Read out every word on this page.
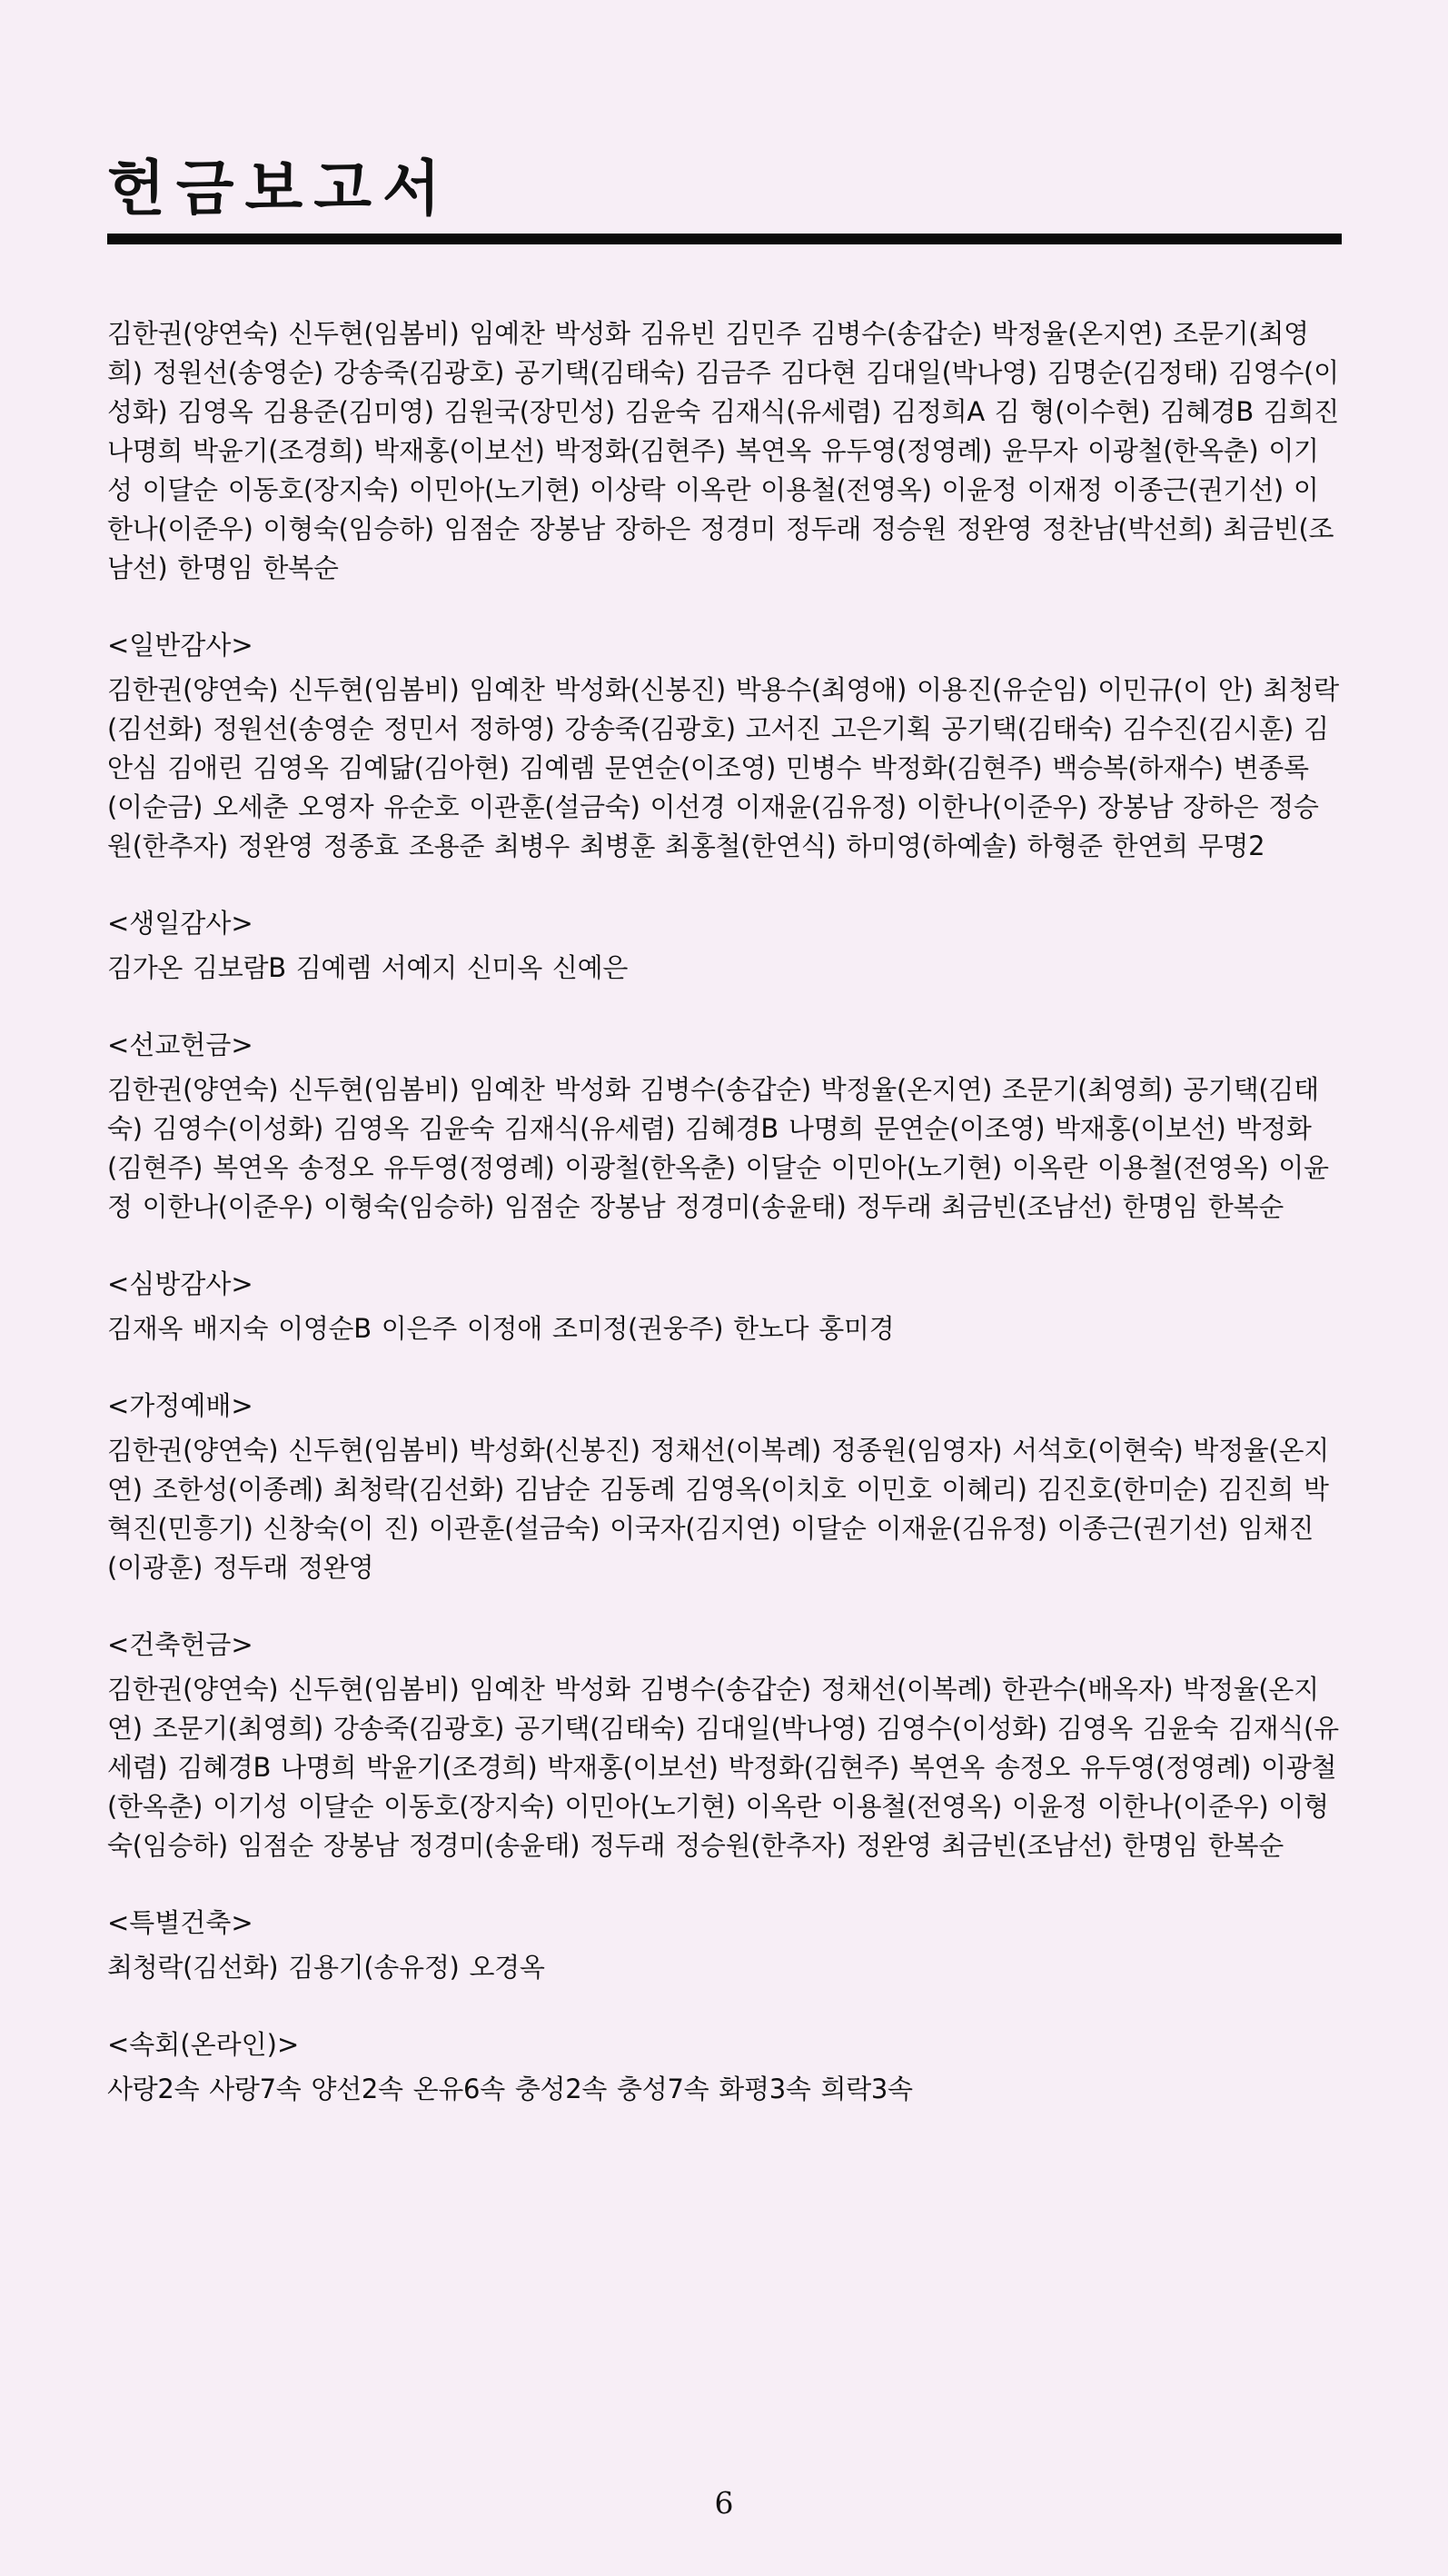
헌금보고서

김한권(양연숙) 신두현(임봄비) 임예찬 박성화 김유빈 김민주 김병수(송갑순) 박정율(온지연) 조문기(최영희) 정원선(송영순) 강송죽(김광호) 공기택(김태숙) 김금주 김다현 김대일(박나영) 김명순(김정태) 김영수(이성화) 김영옥 김용준(김미영) 김원국(장민성) 김윤숙 김재식(유세렴) 김정희A 김 형(이수현) 김혜경B 김희진 나명희 박윤기(조경희) 박재홍(이보선) 박정화(김현주) 복연옥 유두영(정영례) 윤무자 이광철(한옥춘) 이기성 이달순 이동호(장지숙) 이민아(노기현) 이상락 이옥란 이용철(전영옥) 이윤정 이재정 이종근(권기선) 이한나(이준우) 이형숙(임승하) 임점순 장봉남 장하은 정경미 정두래 정승원 정완영 정찬남(박선희) 최금빈(조남선) 한명임 한복순

<일반감사>

김한권(양연숙) 신두현(임봄비) 임예찬 박성화(신봉진) 박용수(최영애) 이용진(유순임) 이민규(이 안) 최청락(김선화) 정원선(송영순 정민서 정하영) 강송죽(김광호) 고서진 고은기획 공기택(김태숙) 김수진(김시훈) 김안심 김애린 김영옥 김예닮(김아현) 김예렘 문연순(이조영) 민병수 박정화(김현주) 백승복(하재수) 변종록(이순금) 오세춘 오영자 유순호 이관훈(설금숙) 이선경 이재윤(김유정) 이한나(이준우) 장봉남 장하은 정승원(한추자) 정완영 정종효 조용준 최병우 최병훈 최홍철(한연식) 하미영(하예솔) 하형준 한연희 무명2

<생일감사>

김가온 김보람B 김예렘 서예지 신미옥 신예은

<선교헌금>

김한권(양연숙) 신두현(임봄비) 임예찬 박성화 김병수(송갑순) 박정율(온지연) 조문기(최영희) 공기택(김태숙) 김영수(이성화) 김영옥 김윤숙 김재식(유세렴) 김혜경B 나명희 문연순(이조영) 박재홍(이보선) 박정화(김현주) 복연옥 송정오 유두영(정영례) 이광철(한옥춘) 이달순 이민아(노기현) 이옥란 이용철(전영옥) 이윤정 이한나(이준우) 이형숙(임승하) 임점순 장봉남 정경미(송윤태) 정두래 최금빈(조남선) 한명임 한복순

<심방감사>

김재옥 배지숙 이영순B 이은주 이정애 조미정(권웅주) 한노다 홍미경

<가정예배>

김한권(양연숙) 신두현(임봄비) 박성화(신봉진) 정채선(이복례) 정종원(임영자) 서석호(이현숙) 박정율(온지연) 조한성(이종례) 최청락(김선화) 김남순 김동례 김영옥(이치호 이민호 이혜리) 김진호(한미순) 김진희 박혁진(민흥기) 신창숙(이 진) 이관훈(설금숙) 이국자(김지연) 이달순 이재윤(김유정) 이종근(권기선) 임채진(이광훈) 정두래 정완영

<건축헌금>

김한권(양연숙) 신두현(임봄비) 임예찬 박성화 김병수(송갑순) 정채선(이복례) 한관수(배옥자) 박정율(온지연) 조문기(최영희) 강송죽(김광호) 공기택(김태숙) 김대일(박나영) 김영수(이성화) 김영옥 김윤숙 김재식(유세렴) 김혜경B 나명희 박윤기(조경희) 박재홍(이보선) 박정화(김현주) 복연옥 송정오 유두영(정영례) 이광철(한옥춘) 이기성 이달순 이동호(장지숙) 이민아(노기현) 이옥란 이용철(전영옥) 이윤정 이한나(이준우) 이형숙(임승하) 임점순 장봉남 정경미(송윤태) 정두래 정승원(한추자) 정완영 최금빈(조남선) 한명임 한복순

<특별건축>

최청락(김선화) 김용기(송유정) 오경옥

<속회(온라인)>

사랑2속 사랑7속 양선2속 온유6속 충성2속 충성7속 화평3속 희락3속

6
